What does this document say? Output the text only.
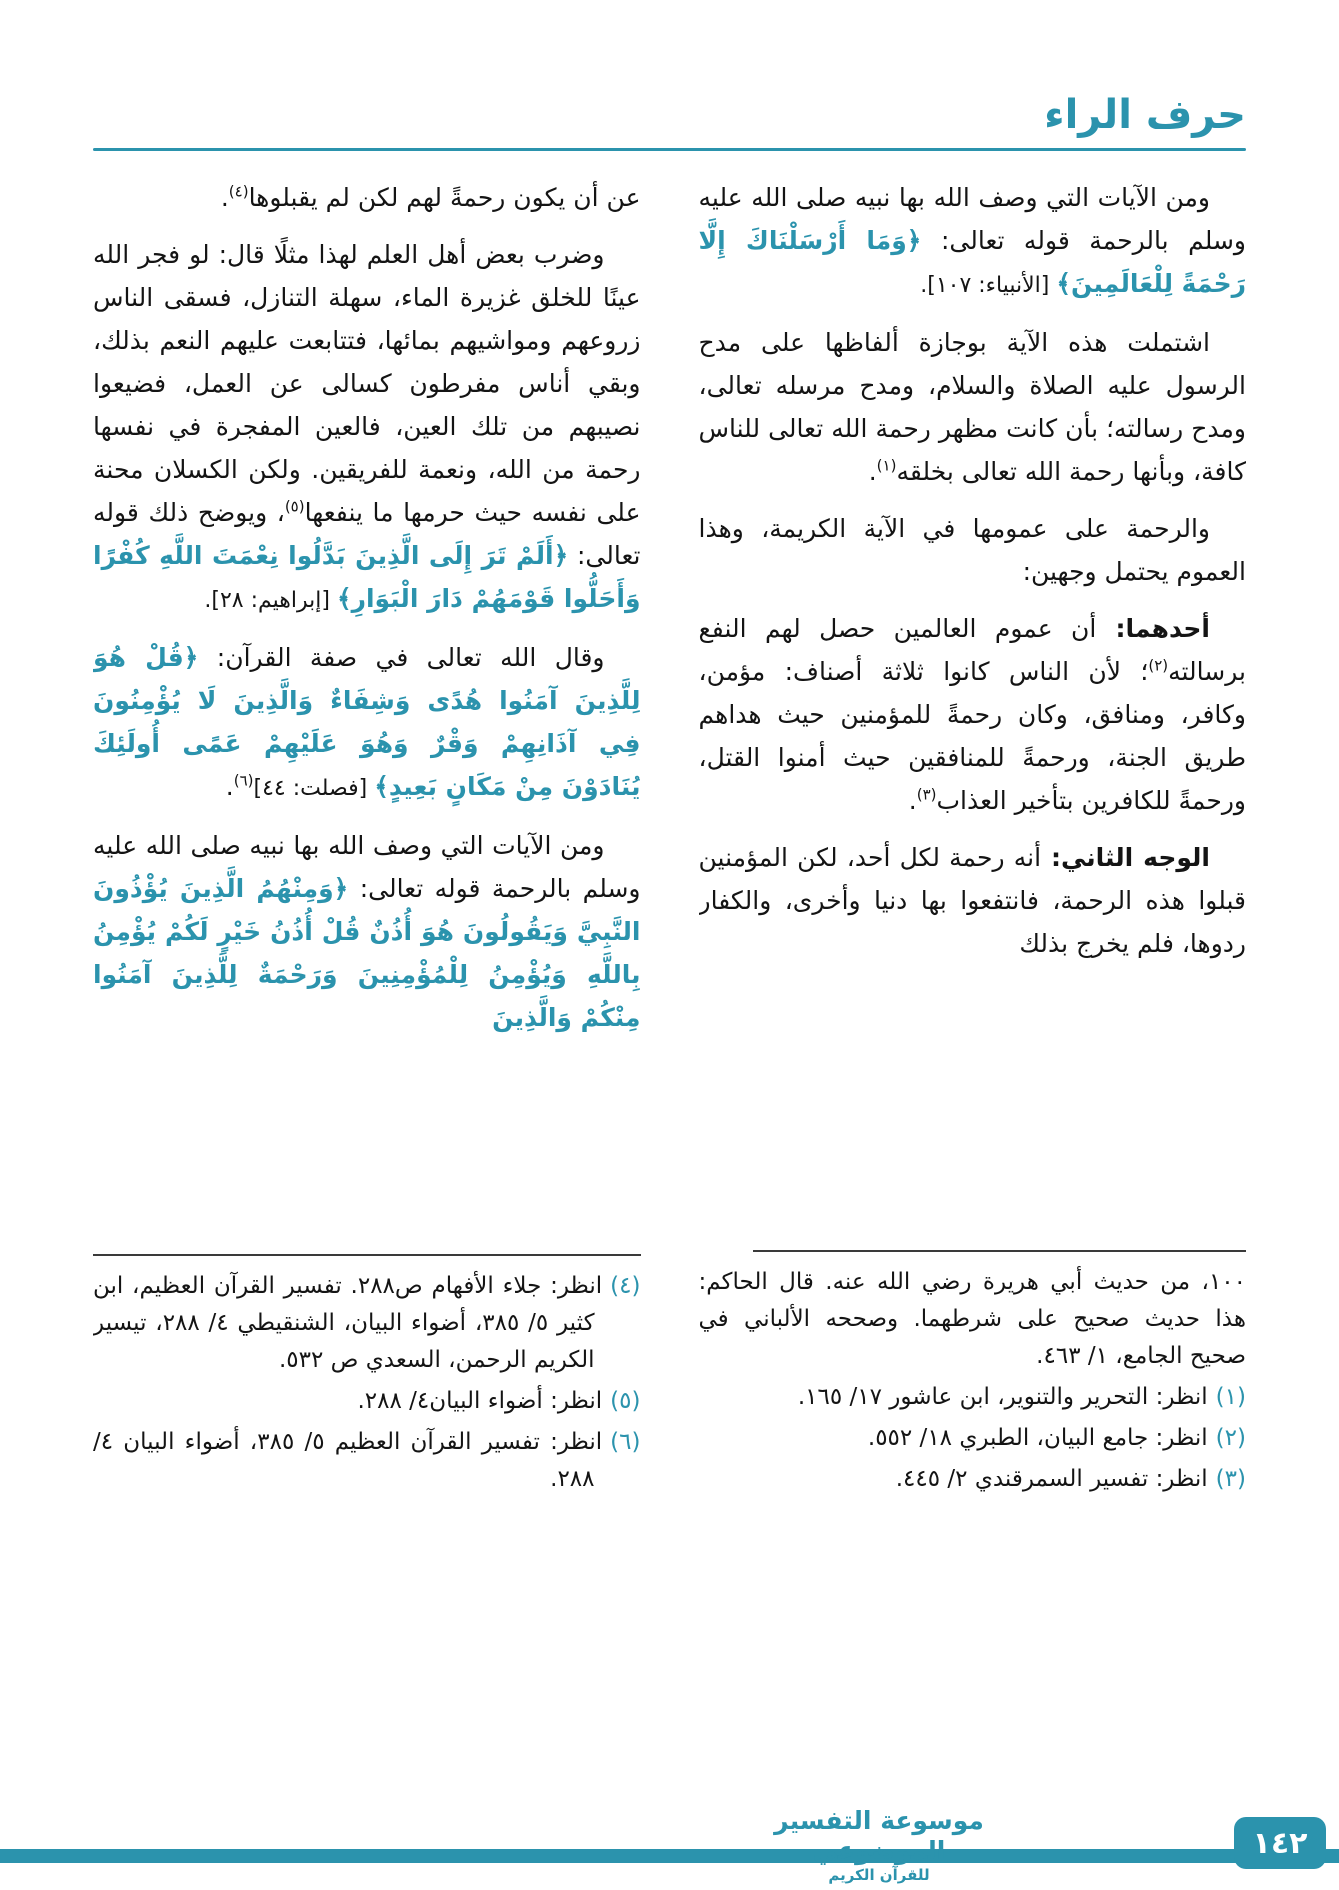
حرف الراء

ومن الآيات التي وصف الله بها نبيه صلى الله عليه وسلم بالرحمة قوله تعالى: ﴿وَمَا أَرْسَلْنَاكَ إِلَّا رَحْمَةً لِلْعَالَمِينَ﴾ [الأنبياء: ١٠٧].

اشتملت هذه الآية بوجازة ألفاظها على مدح الرسول عليه الصلاة والسلام، ومدح مرسله تعالى، ومدح رسالته؛ بأن كانت مظهر رحمة الله تعالى للناس كافة، وبأنها رحمة الله تعالى بخلقه$^{(١)}$.

والرحمة على عمومها في الآية الكريمة، وهذا العموم يحتمل وجهين:

أحدهما: أن عموم العالمين حصل لهم النفع برسالته$^{(٢)}$؛ لأن الناس كانوا ثلاثة أصناف: مؤمن، وكافر، ومنافق، وكان رحمةً للمؤمنين حيث هداهم طريق الجنة، ورحمةً للمنافقين حيث أمنوا القتل، ورحمةً للكافرين بتأخير العذاب$^{(٣)}$.

الوجه الثاني: أنه رحمة لكل أحد، لكن المؤمنين قبلوا هذه الرحمة، فانتفعوا بها دنيا وأخرى، والكفار ردوها، فلم يخرج بذلك

١٠٠، من حديث أبي هريرة رضي الله عنه. قال الحاكم: هذا حديث صحيح على شرطهما. وصححه الألباني في صحيح الجامع، ١/ ٤٦٣.

(١)انظر: التحرير والتنوير، ابن عاشور ١٧/ ١٦٥.

(٢)انظر: جامع البيان، الطبري ١٨/ ٥٥٢.

(٣)انظر: تفسير السمرقندي ٢/ ٤٤٥.

عن أن يكون رحمةً لهم لكن لم يقبلوها$^{(٤)}$.

وضرب بعض أهل العلم لهذا مثلًا قال: لو فجر الله عينًا للخلق غزيرة الماء، سهلة التنازل، فسقى الناس زروعهم ومواشيهم بمائها، فتتابعت عليهم النعم بذلك، وبقي أناس مفرطون كسالى عن العمل، فضيعوا نصيبهم من تلك العين، فالعين المفجرة في نفسها رحمة من الله، ونعمة للفريقين. ولكن الكسلان محنة على نفسه حيث حرمها ما ينفعها$^{(٥)}$، ويوضح ذلك قوله تعالى: ﴿أَلَمْ تَرَ إِلَى الَّذِينَ بَدَّلُوا نِعْمَتَ اللَّهِ كُفْرًا وَأَحَلُّوا قَوْمَهُمْ دَارَ الْبَوَارِ﴾ [إبراهيم: ٢٨].

وقال الله تعالى في صفة القرآن: ﴿قُلْ هُوَ لِلَّذِينَ آمَنُوا هُدًى وَشِفَاءٌ وَالَّذِينَ لَا يُؤْمِنُونَ فِي آذَانِهِمْ وَقْرٌ وَهُوَ عَلَيْهِمْ عَمًى أُولَئِكَ يُنَادَوْنَ مِنْ مَكَانٍ بَعِيدٍ﴾ [فصلت: ٤٤]$^{(٦)}$.

ومن الآيات التي وصف الله بها نبيه صلى الله عليه وسلم بالرحمة قوله تعالى: ﴿وَمِنْهُمُ الَّذِينَ يُؤْذُونَ النَّبِيَّ وَيَقُولُونَ هُوَ أُذُنٌ قُلْ أُذُنُ خَيْرٍ لَكُمْ يُؤْمِنُ بِاللَّهِ وَيُؤْمِنُ لِلْمُؤْمِنِينَ وَرَحْمَةٌ لِلَّذِينَ آمَنُوا مِنْكُمْ وَالَّذِينَ

(٤)انظر: جلاء الأفهام ص٢٨٨. تفسير القرآن العظيم، ابن كثير ٥/ ٣٨٥، أضواء البيان، الشنقيطي ٤/ ٢٨٨، تيسير الكريم الرحمن، السعدي ص ٥٣٢.

(٥)انظر: أضواء البيان٤/ ٢٨٨.

(٦)انظر: تفسير القرآن العظيم ٥/ ٣٨٥، أضواء البيان ٤/ ٢٨٨.

موسوعة التفسير الموضوعي
للقرآن الكريم
١٤٢
